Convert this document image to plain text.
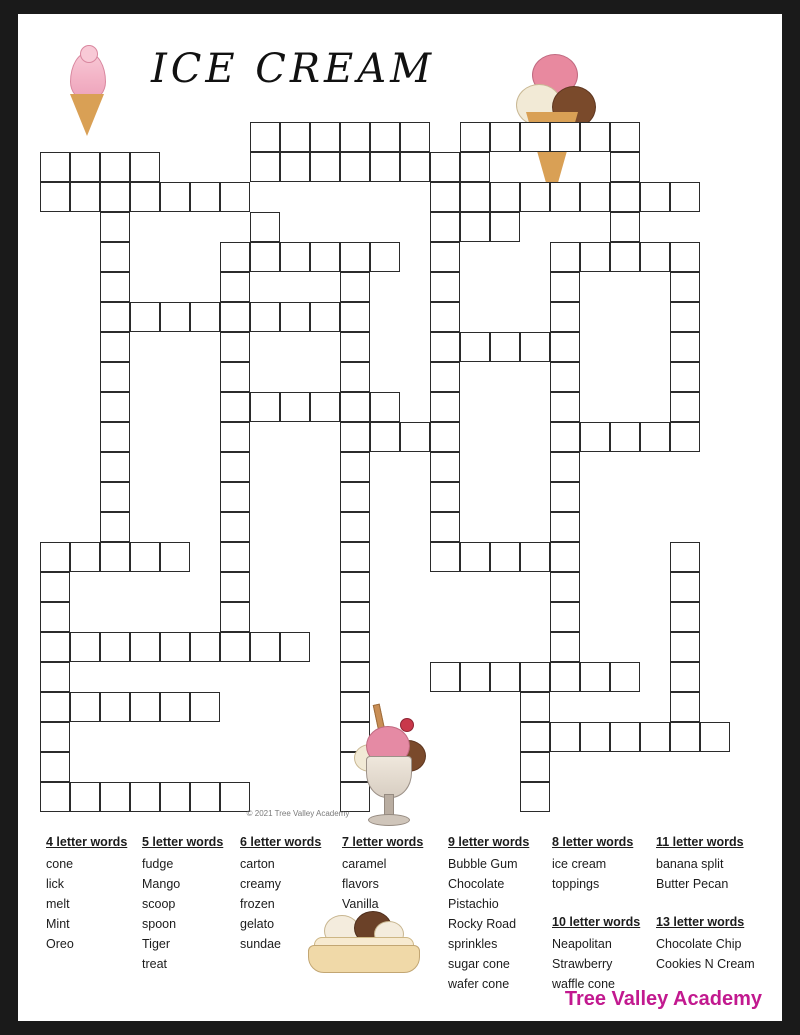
ICE CREAM
© 2021 Tree Valley Academy
4 letter words
cone
lick
melt
Mint
Oreo
5 letter words
fudge
Mango
scoop
spoon
Tiger
treat
6 letter words
carton
creamy
frozen
gelato
sundae
7 letter words
caramel
flavors
Vanilla
9 letter words
Bubble Gum
Chocolate
Pistachio
Rocky Road
sprinkles
sugar cone
wafer cone
8 letter words
ice cream
toppings
10 letter words
Neapolitan
Strawberry
waffle cone
11 letter words
banana split
Butter Pecan
13 letter words
Chocolate Chip
Cookies N Cream
Tree Valley Academy
